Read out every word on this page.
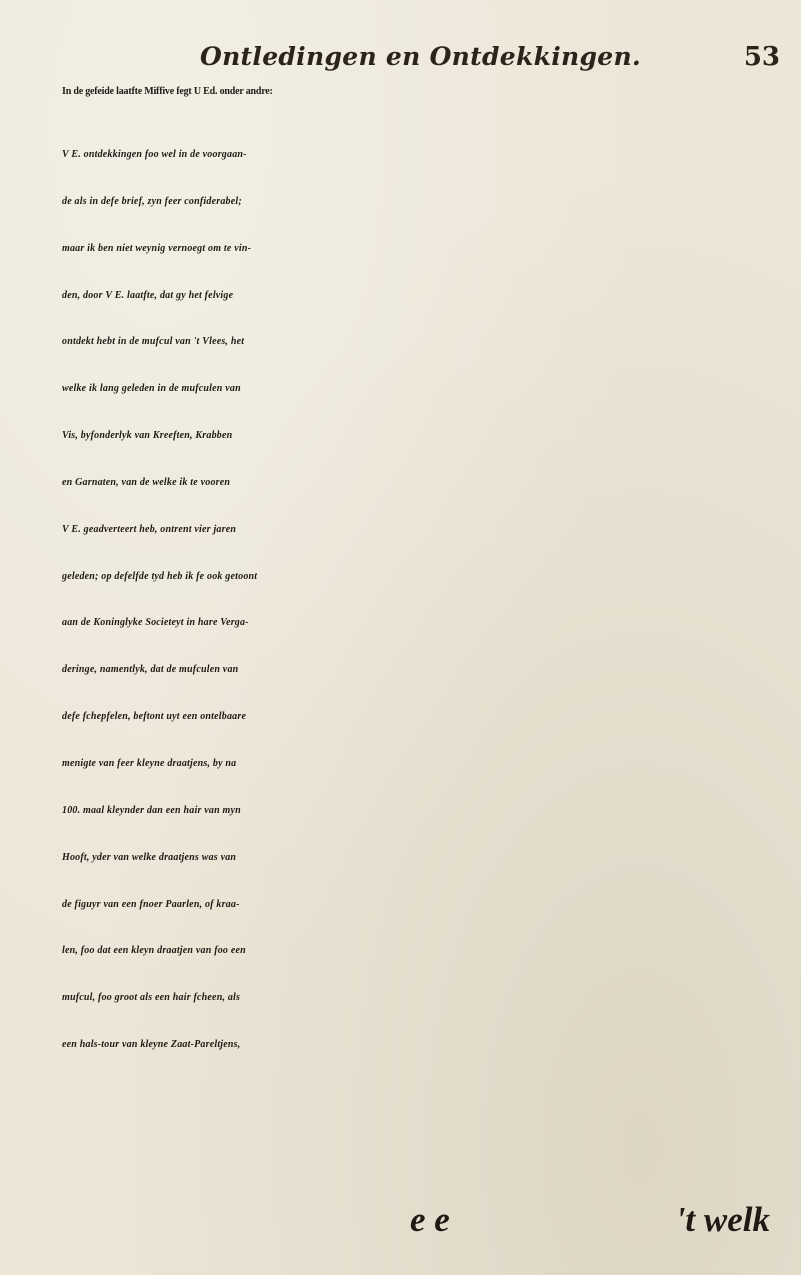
Ontledingen en Ontdekkingen.	53
In de gefeide laatfte Miffive fegt U Ed. onder andre:
V E. ontdekkingen foo wel in de voorgaan-
de als in defe brief, zyn feer confiderabel;
maar ik ben niet weynig vernoegt om te vin-
den, door V E. laatfte, dat gy het felvige
ontdekt hebt in de mufcul van 't Vlees, het
welke ik lang geleden in de mufculen van
Vis, byfonderlyk van Kreeften, Krabben
en Garnaten, van de welke ik te vooren
V E. geadverteert heb, ontrent vier jaren
geleden; op defelfde tyd heb ik fe ook getoont
aan de Koninglyke Societeyt in hare Verga-
deringe, namentlyk, dat de mufculen van
defe fchepfelen, beftont uyt een ontelbaare
menigte van feer kleyne draatjens, by na
100. maal kleynder dan een hair van myn
Hooft, yder van welke draatjens was van
de figuyr van een fnoer Paarlen, of kraa-
len, foo dat een kleyn draatjen van foo een
mufcul, foo groot als een hair fcheen, als
een hals-tour van kleyne Zaat-Pareltjens,
e e	't welk
